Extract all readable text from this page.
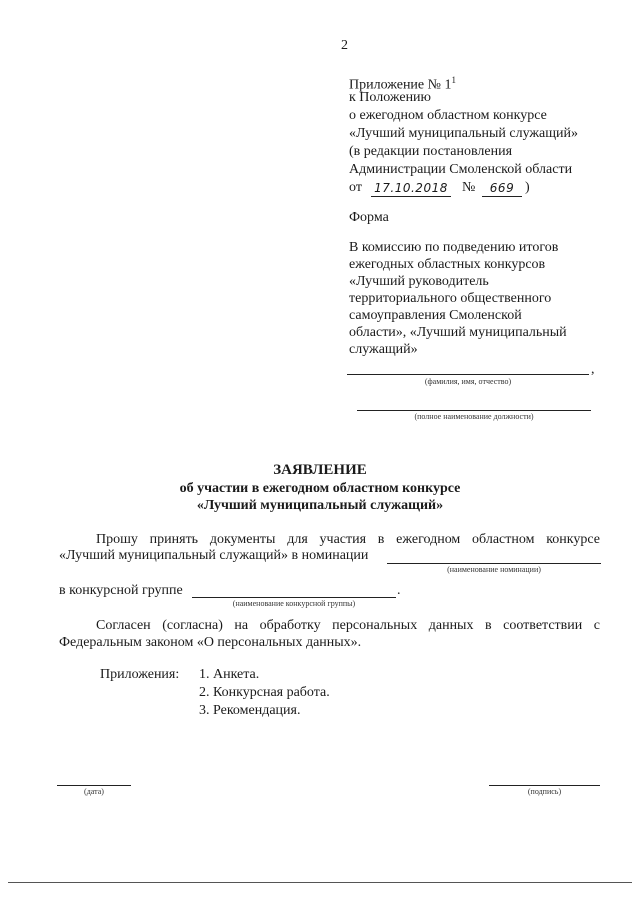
2
Приложение № $1^1$
к Положению
о ежегодном областном конкурсе
«Лучший муниципальный служащий»
(в редакции постановления
Администрации Смоленской области
от 17.10.2018 №	669 )
Форма
В комиссию по подведению итогов
ежегодных областных конкурсов
«Лучший руководитель
территориального общественного
самоуправления Смоленской
области», «Лучший муниципальный
служащий»
,
(фамилия, имя, отчество)
(полное наименование должности)
ЗАЯВЛЕНИЕ
об участии в ежегодном областном конкурсе
«Лучший муниципальный служащий»
Прошу принять документы для участия в ежегодном областном конкурсе
«Лучший муниципальный служащий» в номинации
(наименование номинации)
в конкурсной группе	.
(наименование конкурсной группы)
Согласен (согласна) на обработку персональных данных в соответствии с
Федеральным законом «О персональных данных».
Приложения: 1. Анкета.
2. Конкурсная работа.
3. Рекомендация.
(дата)	(подпись)
